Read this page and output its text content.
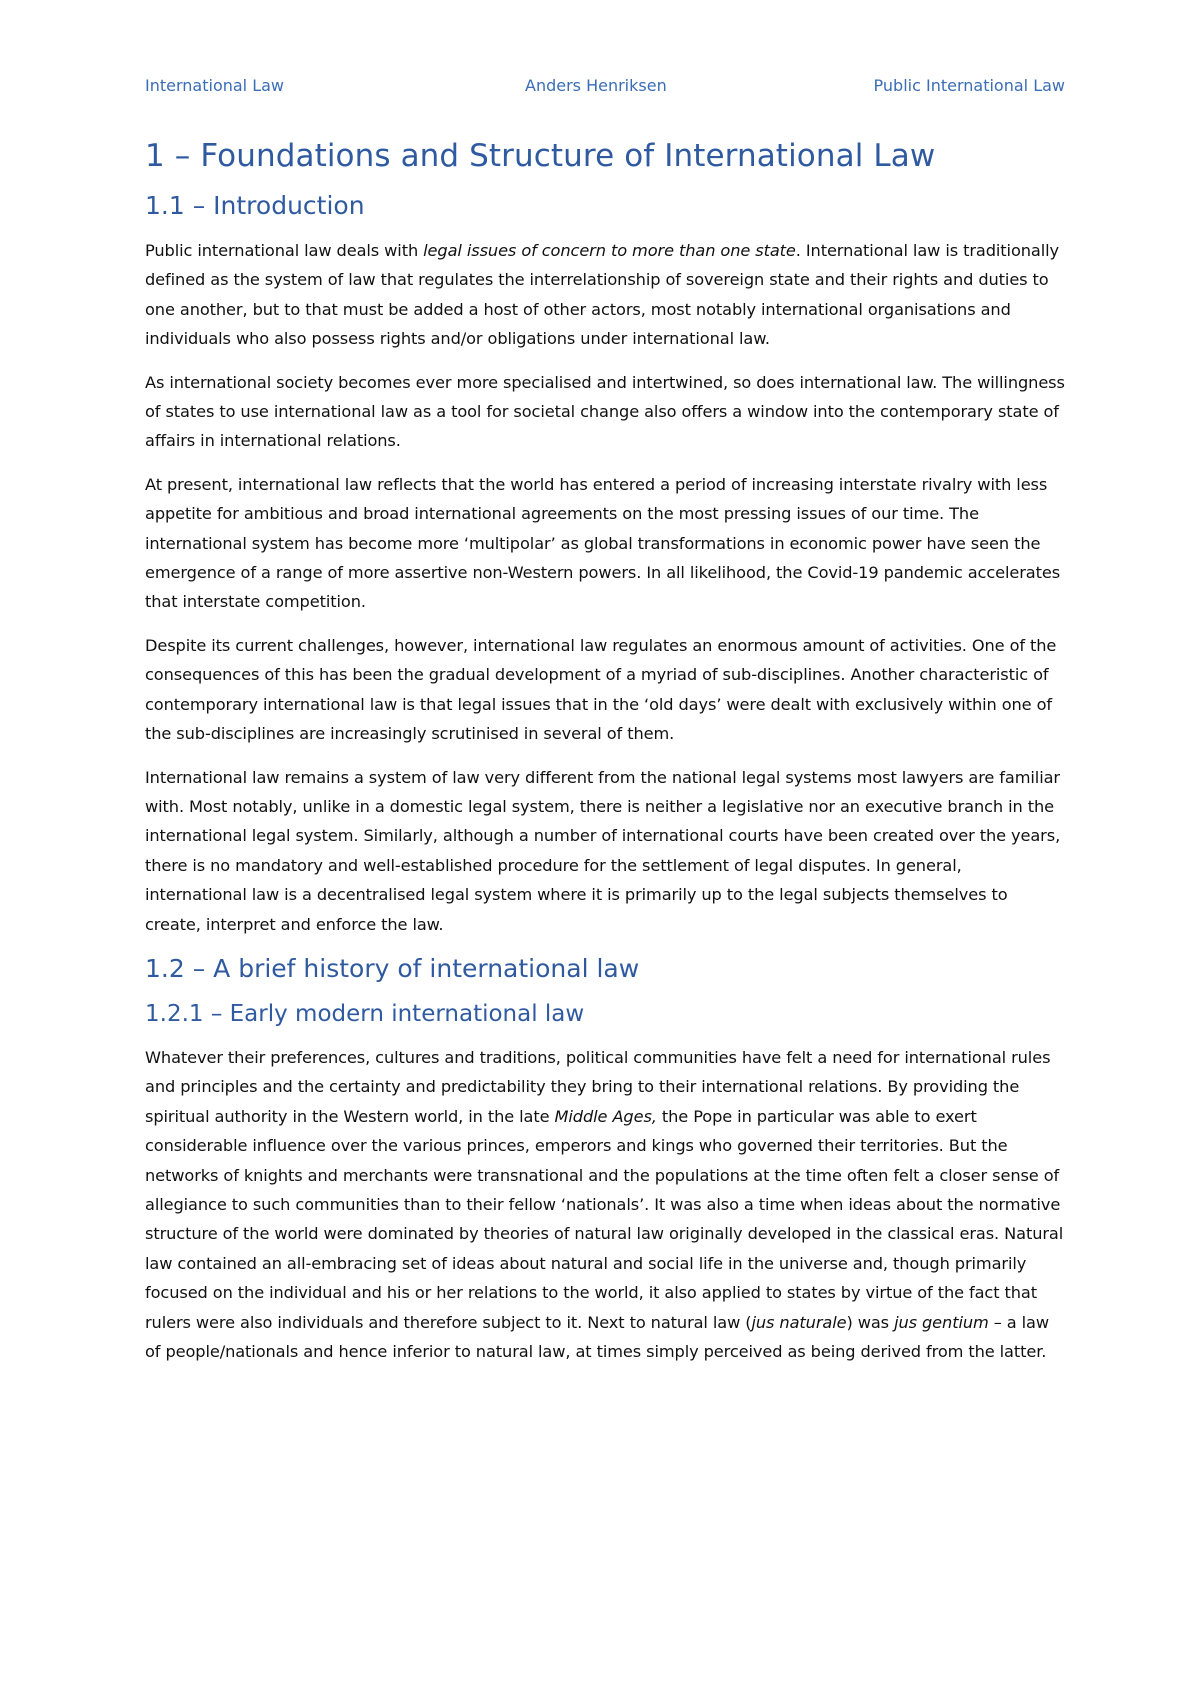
International Law	Anders Henriksen	Public International Law
1 – Foundations and Structure of International Law
1.1 – Introduction

Public international law deals with legal issues of concern to more than one state. International law is traditionally defined as the system of law that regulates the interrelationship of sovereign state and their rights and duties to one another, but to that must be added a host of other actors, most notably international organisations and individuals who also possess rights and/or obligations under international law.

As international society becomes ever more specialised and intertwined, so does international law. The willingness of states to use international law as a tool for societal change also offers a window into the contemporary state of affairs in international relations.

At present, international law reflects that the world has entered a period of increasing interstate rivalry with less appetite for ambitious and broad international agreements on the most pressing issues of our time. The international system has become more ‘multipolar’ as global transformations in economic power have seen the emergence of a range of more assertive non-Western powers. In all likelihood, the Covid-19 pandemic accelerates that interstate competition.

Despite its current challenges, however, international law regulates an enormous amount of activities. One of the consequences of this has been the gradual development of a myriad of sub-disciplines. Another characteristic of contemporary international law is that legal issues that in the ‘old days’ were dealt with exclusively within one of the sub-disciplines are increasingly scrutinised in several of them.

International law remains a system of law very different from the national legal systems most lawyers are familiar with. Most notably, unlike in a domestic legal system, there is neither a legislative nor an executive branch in the international legal system. Similarly, although a number of international courts have been created over the years, there is no mandatory and well-established procedure for the settlement of legal disputes. In general, international law is a decentralised legal system where it is primarily up to the legal subjects themselves to create, interpret and enforce the law.

1.2 – A brief history of international law
1.2.1 – Early modern international law

Whatever their preferences, cultures and traditions, political communities have felt a need for international rules and principles and the certainty and predictability they bring to their international relations. By providing the spiritual authority in the Western world, in the late Middle Ages, the Pope in particular was able to exert considerable influence over the various princes, emperors and kings who governed their territories. But the networks of knights and merchants were transnational and the populations at the time often felt a closer sense of allegiance to such communities than to their fellow ‘nationals’. It was also a time when ideas about the normative structure of the world were dominated by theories of natural law originally developed in the classical eras. Natural law contained an all-embracing set of ideas about natural and social life in the universe and, though primarily focused on the individual and his or her relations to the world, it also applied to states by virtue of the fact that rulers were also individuals and therefore subject to it. Next to natural law (jus naturale) was jus gentium – a law of people/nationals and hence inferior to natural law, at times simply perceived as being derived from the latter.
